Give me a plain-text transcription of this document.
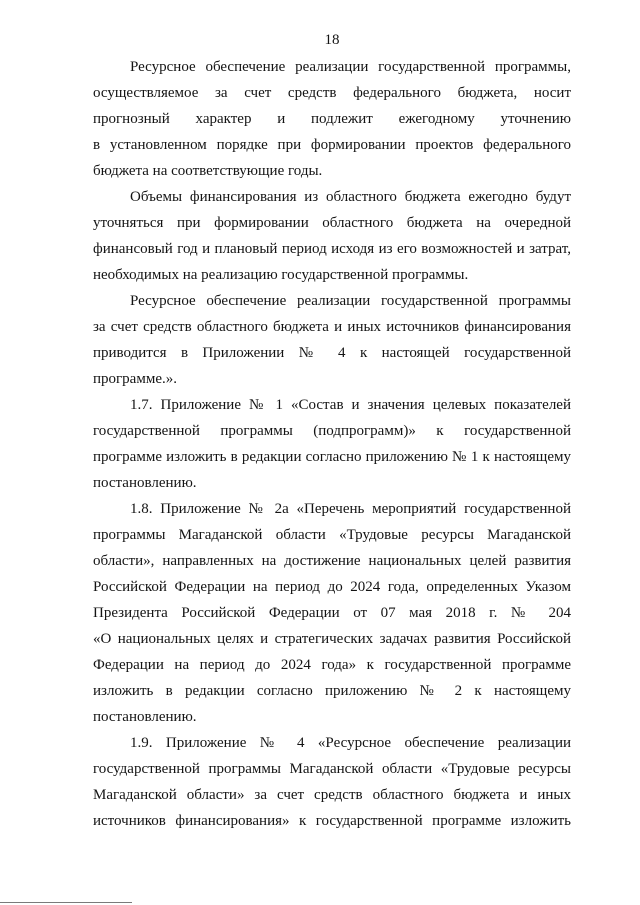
18
Ресурсное обеспечение реализации государственной программы,
осуществляемое за счет средств федерального бюджета, носит
прогнозный характер и подлежит ежегодному уточнению
в установленном порядке при формировании проектов федерального
бюджета на соответствующие годы.
Объемы финансирования из областного бюджета ежегодно будут
уточняться при формировании областного бюджета на очередной
финансовый год и плановый период исходя из его возможностей и затрат,
необходимых на реализацию государственной программы.
Ресурсное обеспечение реализации государственной программы
за счет средств областного бюджета и иных источников финансирования
приводится в Приложении № 4 к настоящей государственной
программе.».
1.7. Приложение № 1 «Состав и значения целевых показателей
государственной программы (подпрограмм)» к государственной
программе изложить в редакции согласно приложению № 1 к настоящему
постановлению.
1.8. Приложение № 2а «Перечень мероприятий государственной
программы Магаданской области «Трудовые ресурсы Магаданской
области», направленных на достижение национальных целей развития
Российской Федерации на период до 2024 года, определенных Указом
Президента Российской Федерации от 07 мая 2018 г. № 204
«О национальных целях и стратегических задачах развития Российской
Федерации на период до 2024 года» к государственной программе
изложить в редакции согласно приложению № 2 к настоящему
постановлению.
1.9. Приложение № 4 «Ресурсное обеспечение реализации
государственной программы Магаданской области «Трудовые ресурсы
Магаданской области» за счет средств областного бюджета и иных
источников финансирования» к государственной программе изложить
